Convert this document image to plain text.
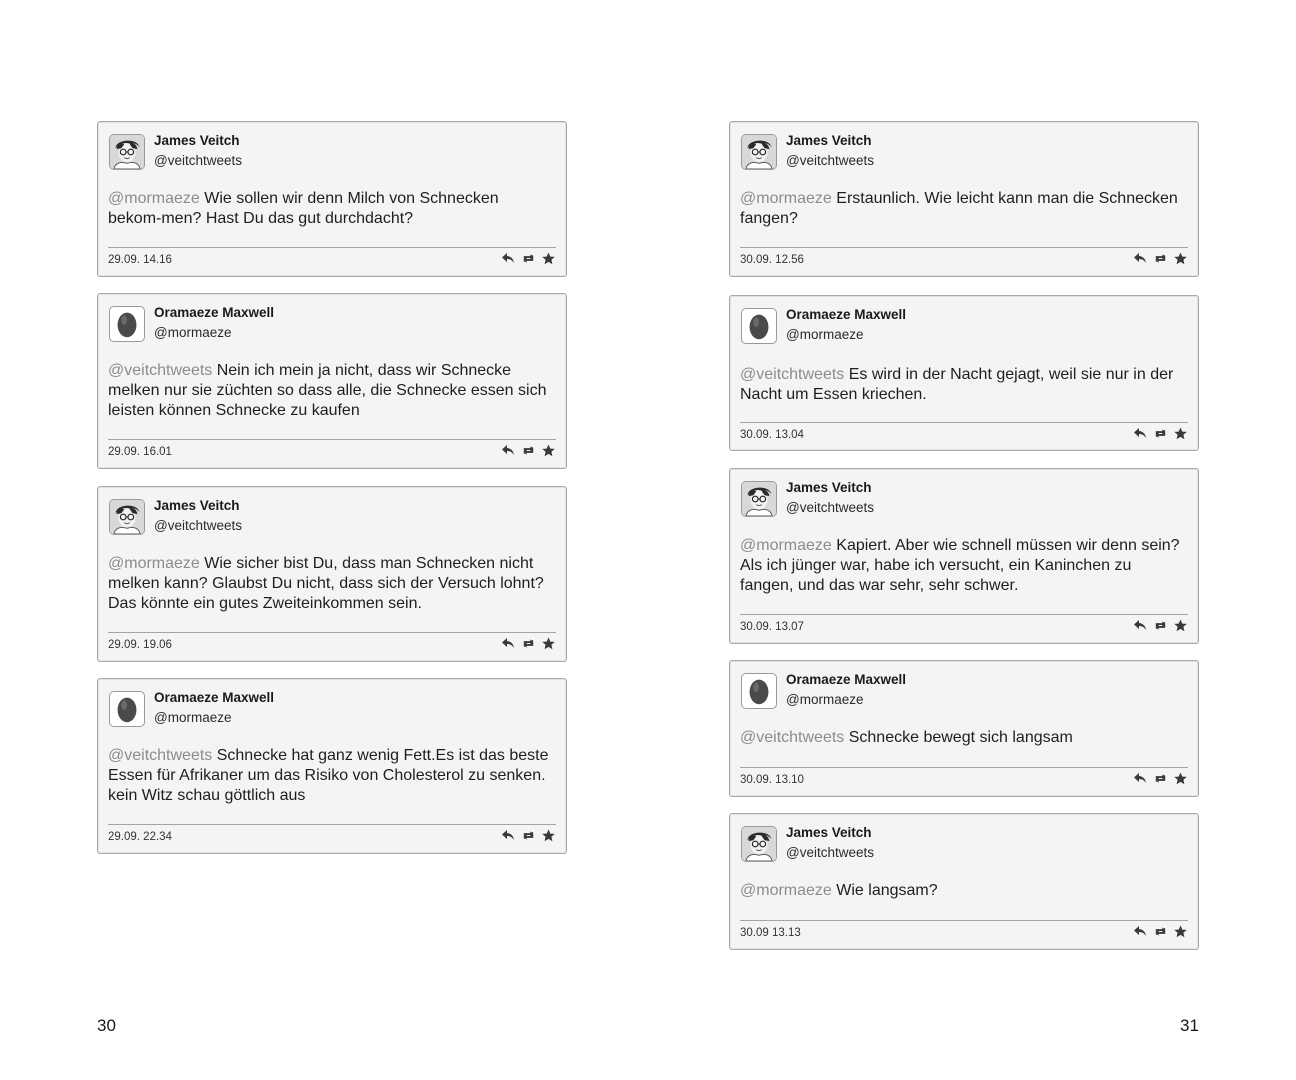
James Veitch
@veitchtweets
@mormaeze Wie sollen wir denn Milch von Schnecken bekom-men? Hast Du das gut durchdacht?
29.09. 14.16
Oramaeze Maxwell
@mormaeze
@veitchtweets Nein ich mein ja nicht, dass wir Schnecke melken nur sie züchten so dass alle, die Schnecke essen sich leisten können Schnecke zu kaufen
29.09. 16.01
James Veitch
@veitchtweets
@mormaeze Wie sicher bist Du, dass man Schnecken nicht melken kann? Glaubst Du nicht, dass sich der Versuch lohnt? Das könnte ein gutes Zweiteinkommen sein.
29.09. 19.06
Oramaeze Maxwell
@mormaeze
@veitchtweets Schnecke hat ganz wenig Fett.Es ist das beste Essen für Afrikaner um das Risiko von Cholesterol zu senken. kein Witz schau göttlich aus
29.09. 22.34
James Veitch
@veitchtweets
@mormaeze Erstaunlich. Wie leicht kann man die Schnecken fangen?
30.09. 12.56
Oramaeze Maxwell
@mormaeze
@veitchtweets Es wird in der Nacht gejagt, weil sie nur in der Nacht um Essen kriechen.
30.09. 13.04
James Veitch
@veitchtweets
@mormaeze Kapiert. Aber wie schnell müssen wir denn sein? Als ich jünger war, habe ich versucht, ein Kaninchen zu fangen, und das war sehr, sehr schwer.
30.09. 13.07
Oramaeze Maxwell
@mormaeze
@veitchtweets Schnecke bewegt sich langsam
30.09. 13.10
James Veitch
@veitchtweets
@mormaeze Wie langsam?
30.09 13.13
30	31
